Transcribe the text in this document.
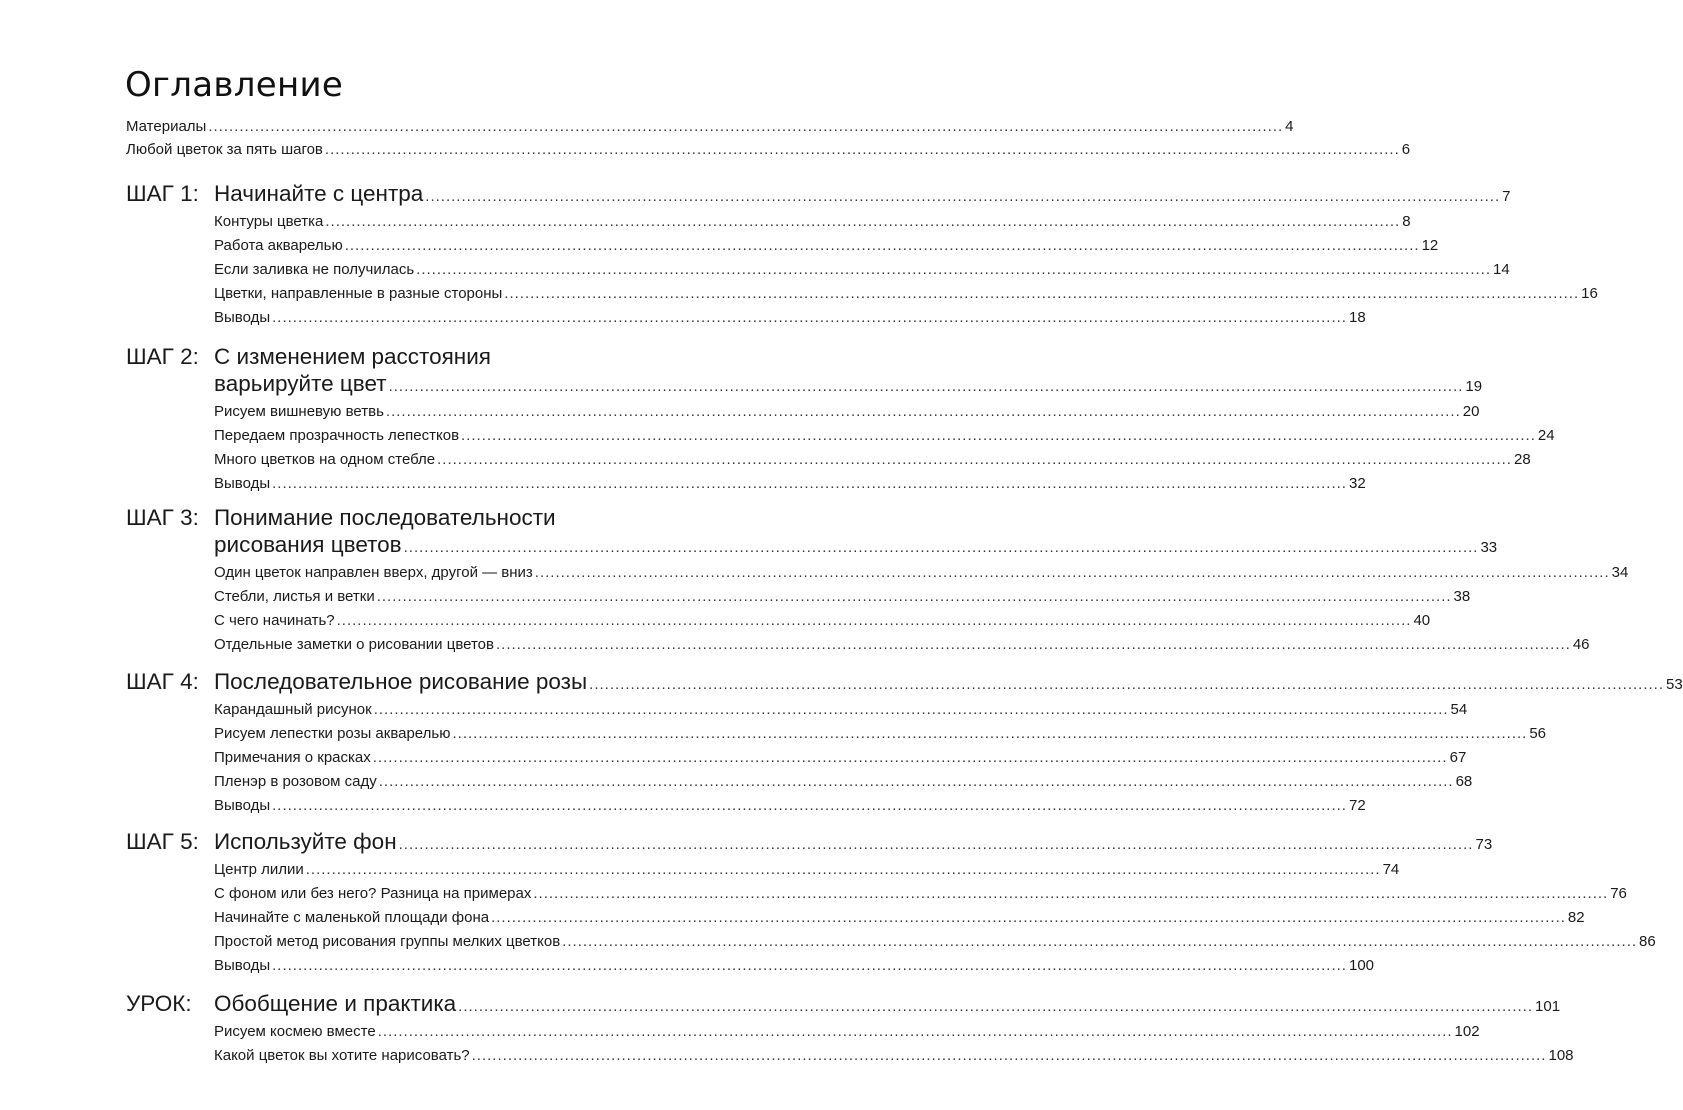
Оглавление
Материалы .....	4
Любой цветок за пять шагов .....	6
ШАГ 1: Начинайте с центра .....	7
Контуры цветка .....	8
Работа акварелью .....	12
Если заливка не получилась .....	14
Цветки, направленные в разные стороны .....	16
Выводы .....	18
ШАГ 2: С изменением расстояния
варьируйте цвет .....	19
Рисуем вишневую ветвь .....	20
Передаем прозрачность лепестков .....	24
Много цветков на одном стебле .....	28
Выводы .....	32
ШАГ 3: Понимание последовательности
рисования цветов .....	33
Один цветок направлен вверх, другой — вниз .....	34
Стебли, листья и ветки .....	38
С чего начинать? .....	40
Отдельные заметки о рисовании цветов .....	46
ШАГ 4: Последовательное рисование розы .....	53
Карандашный рисунок .....	54
Рисуем лепестки розы акварелью .....	56
Примечания о красках .....	67
Пленэр в розовом саду .....	68
Выводы .....	72
ШАГ 5: Используйте фон .....	73
Центр лилии .....	74
С фоном или без него? Разница на примерах .....	76
Начинайте с маленькой площади фона .....	82
Простой метод рисования группы мелких цветков .....	86
Выводы .....	100
УРОК: Обобщение и практика .....	101
Рисуем космею вместе .....	102
Какой цветок вы хотите нарисовать? .....	108
